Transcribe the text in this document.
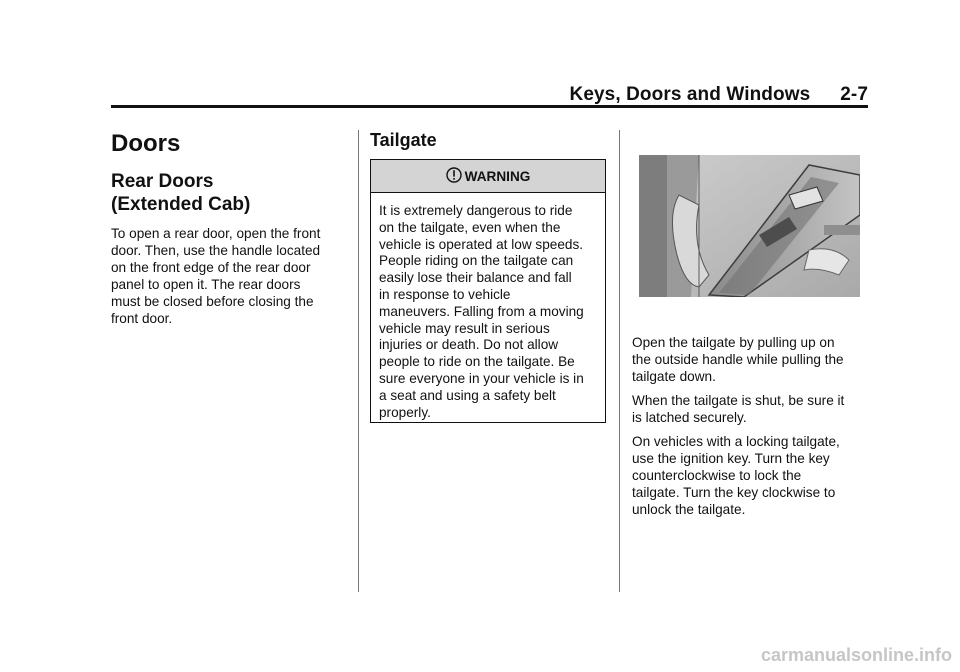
Keys, Doors and Windows 2-7
Doors
Rear Doors
(Extended Cab)

To open a rear door, open the front
door. Then, use the handle located
on the front edge of the rear door
panel to open it. The rear doors
must be closed before closing the
front door.

Tailgate
WARNING
It is extremely dangerous to ride
on the tailgate, even when the
vehicle is operated at low speeds.
People riding on the tailgate can
easily lose their balance and fall
in response to vehicle
maneuvers. Falling from a moving
vehicle may result in serious
injuries or death. Do not allow
people to ride on the tailgate. Be
sure everyone in your vehicle is in
a seat and using a safety belt
properly.

Open the tailgate by pulling up on
the outside handle while pulling the
tailgate down.

When the tailgate is shut, be sure it
is latched securely.

On vehicles with a locking tailgate,
use the ignition key. Turn the key
counterclockwise to lock the
tailgate. Turn the key clockwise to
unlock the tailgate.

carmanualsonline.info
